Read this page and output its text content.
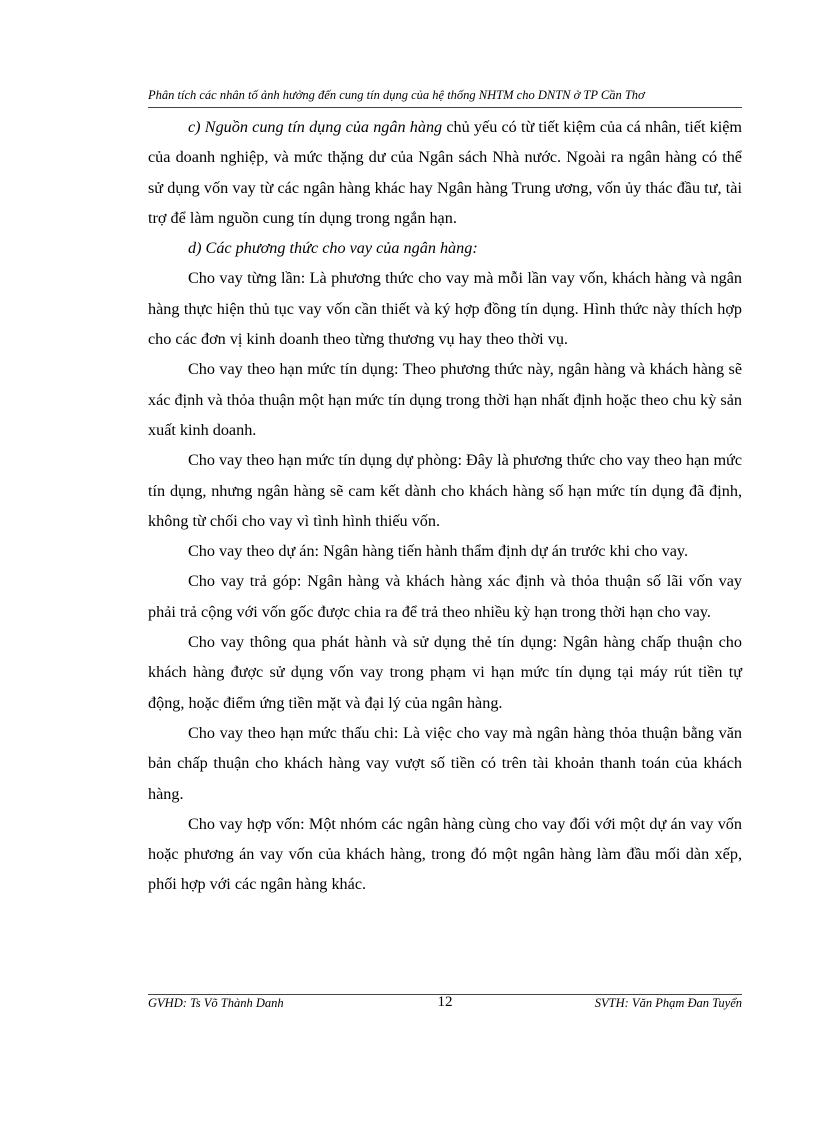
Phân tích các nhân tố ảnh hưởng đến cung tín dụng của hệ thống NHTM cho DNTN ở TP Cần Thơ

c) Nguồn cung tín dụng của ngân hàng chủ yếu có từ tiết kiệm của cá nhân, tiết kiệm của doanh nghiệp, và mức thặng dư của Ngân sách Nhà nước. Ngoài ra ngân hàng có thể sử dụng vốn vay từ các ngân hàng khác hay Ngân hàng Trung ương, vốn ủy thác đầu tư, tài trợ để làm nguồn cung tín dụng trong ngắn hạn.

d) Các phương thức cho vay của ngân hàng:

Cho vay từng lần: Là phương thức cho vay mà mỗi lần vay vốn, khách hàng và ngân hàng thực hiện thủ tục vay vốn cần thiết và ký hợp đồng tín dụng. Hình thức này thích hợp cho các đơn vị kinh doanh theo từng thương vụ hay theo thời vụ.

Cho vay theo hạn mức tín dụng: Theo phương thức này, ngân hàng và khách hàng sẽ xác định và thỏa thuận một hạn mức tín dụng trong thời hạn nhất định hoặc theo chu kỳ sản xuất kinh doanh.

Cho vay theo hạn mức tín dụng dự phòng: Đây là phương thức cho vay theo hạn mức tín dụng, nhưng ngân hàng sẽ cam kết dành cho khách hàng số hạn mức tín dụng đã định, không từ chối cho vay vì tình hình thiếu vốn.

Cho vay theo dự án: Ngân hàng tiến hành thẩm định dự án trước khi cho vay.

Cho vay trả góp: Ngân hàng và khách hàng xác định và thỏa thuận số lãi vốn vay phải trả cộng với vốn gốc được chia ra để trả theo nhiều kỳ hạn trong thời hạn cho vay.

Cho vay thông qua phát hành và sử dụng thẻ tín dụng: Ngân hàng chấp thuận cho khách hàng được sử dụng vốn vay trong phạm vi hạn mức tín dụng tại máy rút tiền tự động, hoặc điểm ứng tiền mặt và đại lý của ngân hàng.

Cho vay theo hạn mức thấu chi: Là việc cho vay mà ngân hàng thỏa thuận bằng văn bản chấp thuận cho khách hàng vay vượt số tiền có trên tài khoản thanh toán của khách hàng.

Cho vay hợp vốn: Một nhóm các ngân hàng cùng cho vay đối với một dự án vay vốn hoặc phương án vay vốn của khách hàng, trong đó một ngân hàng làm đầu mối dàn xếp, phối hợp với các ngân hàng khác.

GVHD: Ts Võ Thành Danh	12	SVTH: Văn Phạm Đan Tuyển
